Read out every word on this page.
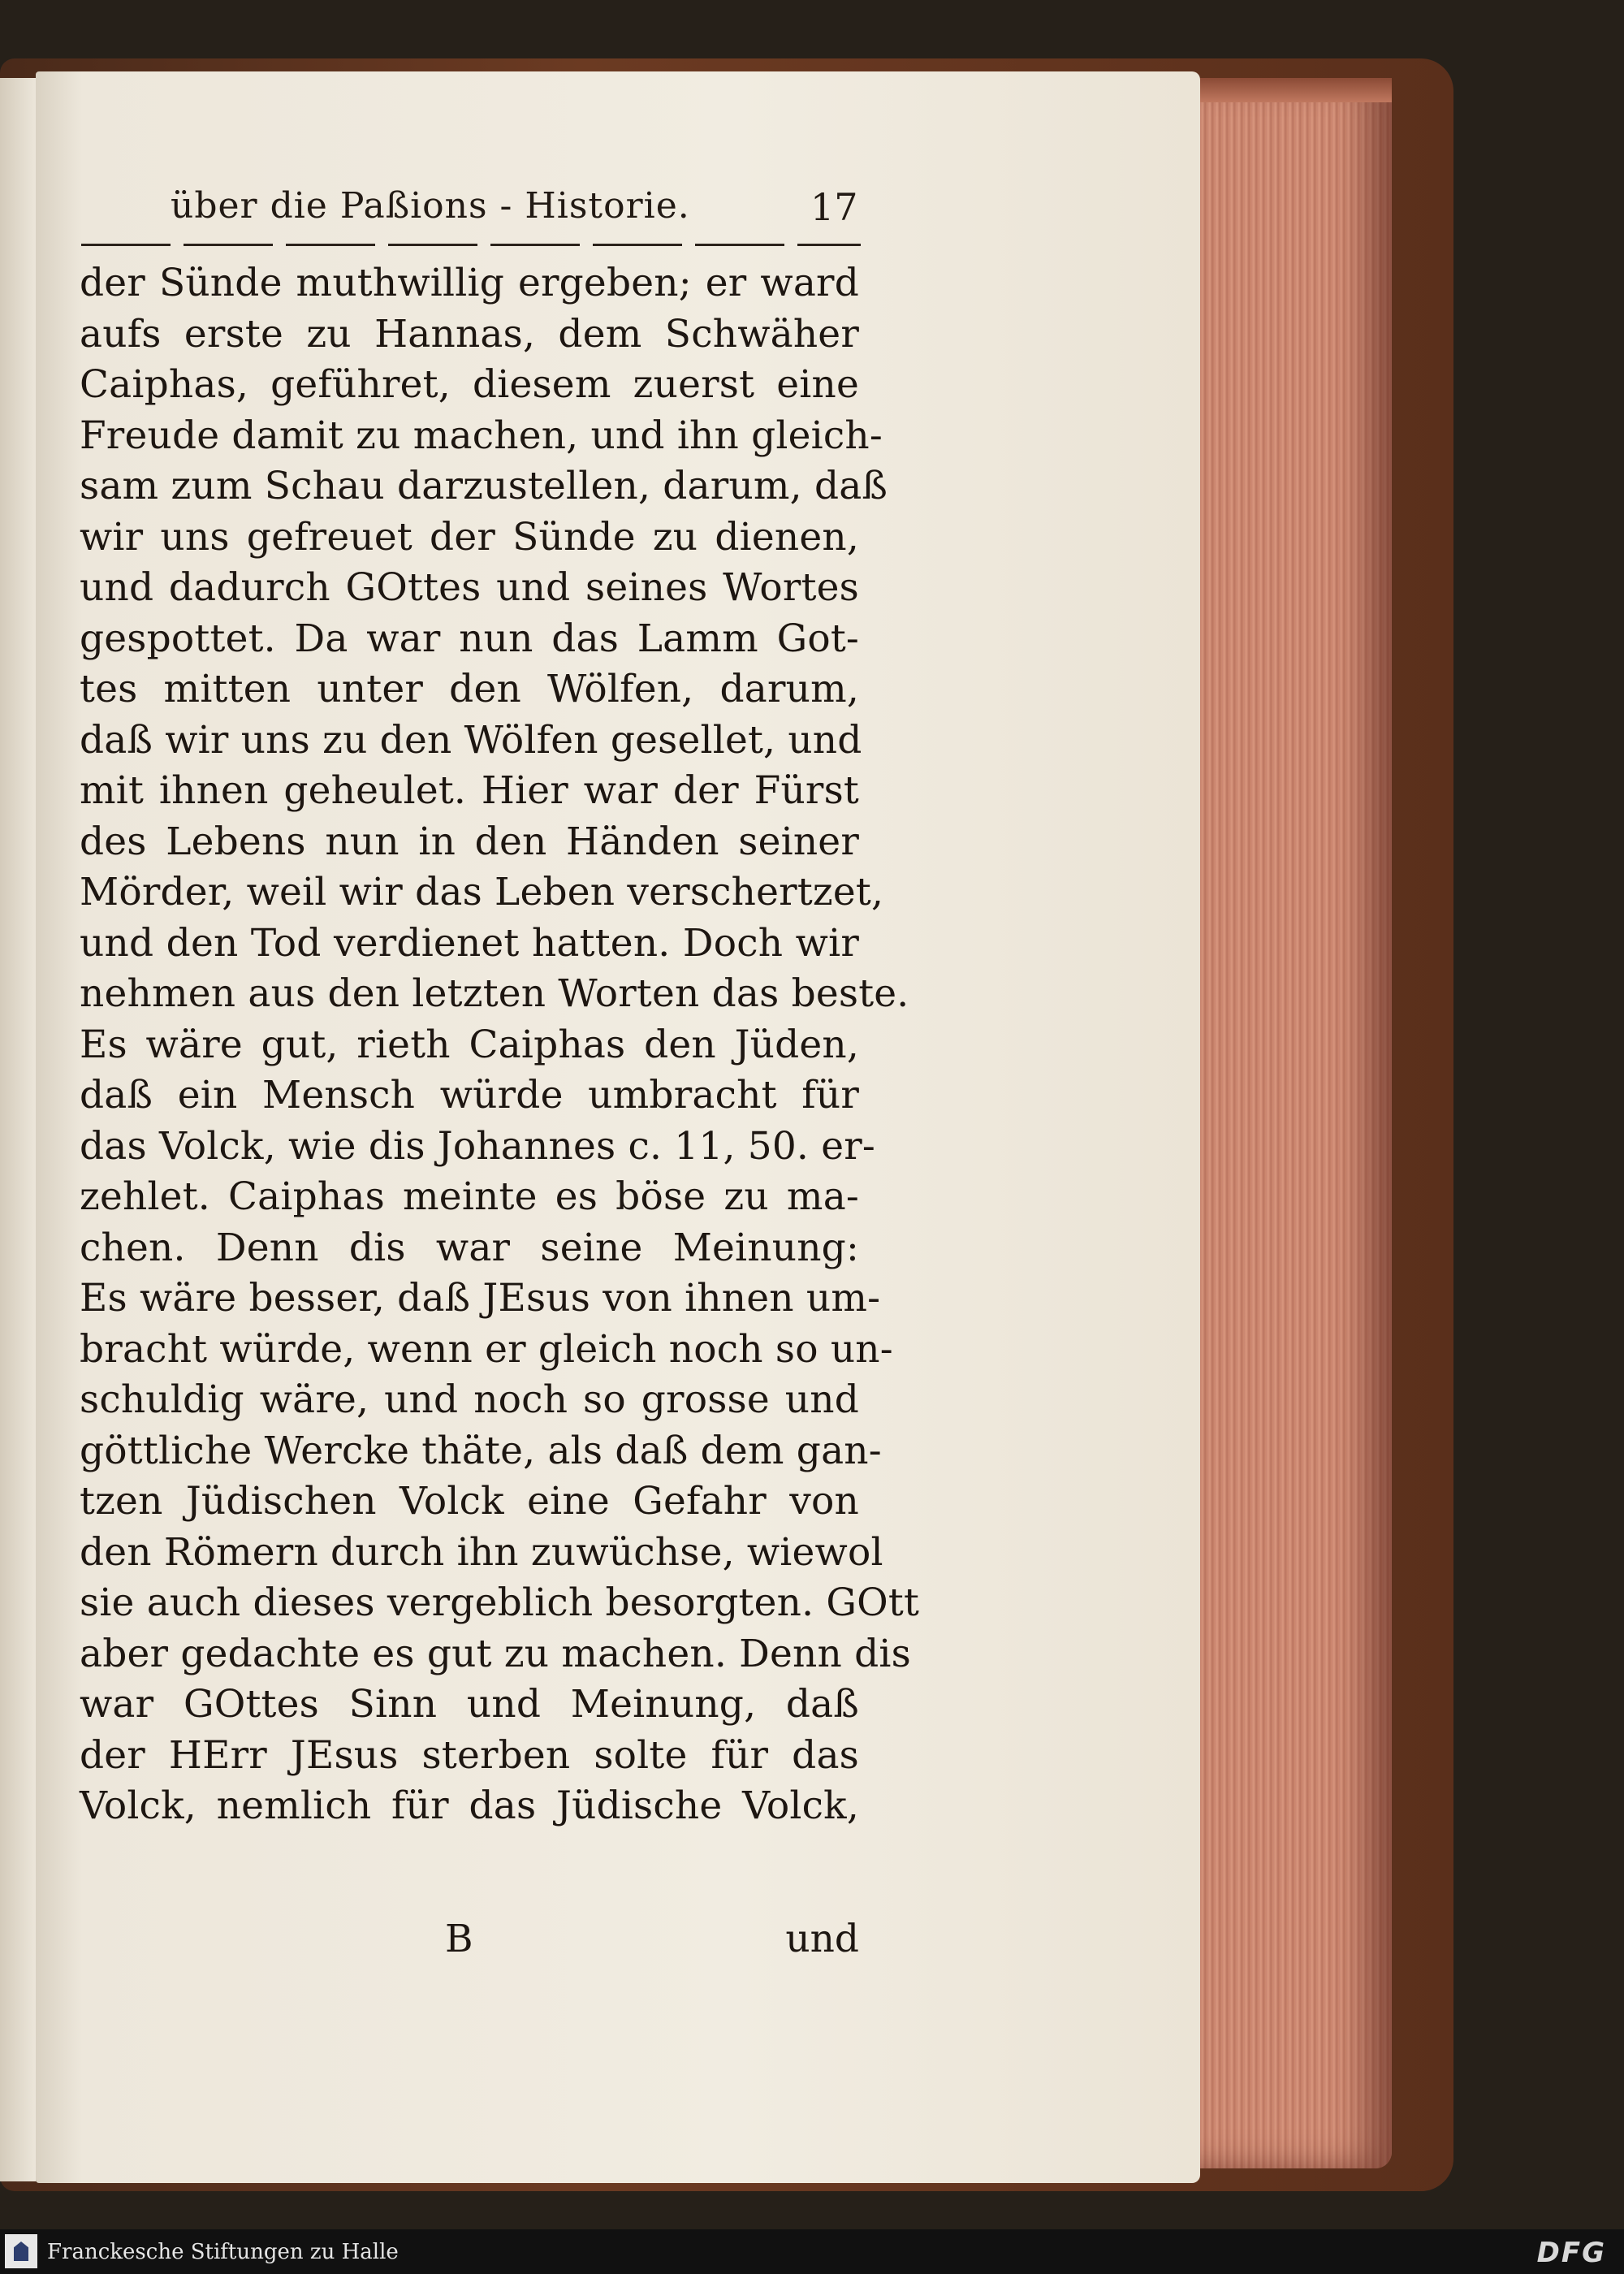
über die Paßions - Historie.	17
der Sünde muthwillig ergeben; er ward
aufs erste zu Hannas, dem Schwäher
Caiphas, geführet, diesem zuerst eine
Freude damit zu machen, und ihn gleich-
sam zum Schau darzustellen, darum, daß
wir uns gefreuet der Sünde zu dienen,
und dadurch GOttes und seines Wortes
gespottet. Da war nun das Lamm Got-
tes mitten unter den Wölfen, darum,
daß wir uns zu den Wölfen gesellet, und
mit ihnen geheulet. Hier war der Fürst
des Lebens nun in den Händen seiner
Mörder, weil wir das Leben verschertzet,
und den Tod verdienet hatten. Doch wir
nehmen aus den letzten Worten das beste.
Es wäre gut, rieth Caiphas den Jüden,
daß ein Mensch würde umbracht für
das Volck, wie dis Johannes c. 11, 50. er-
zehlet. Caiphas meinte es böse zu ma-
chen. Denn dis war seine Meinung:
Es wäre besser, daß JEsus von ihnen um-
bracht würde, wenn er gleich noch so un-
schuldig wäre, und noch so grosse und
göttliche Wercke thäte, als daß dem gan-
tzen Jüdischen Volck eine Gefahr von
den Römern durch ihn zuwüchse, wiewol
sie auch dieses vergeblich besorgten. GOtt
aber gedachte es gut zu machen. Denn dis
war GOttes Sinn und Meinung, daß
der HErr JEsus sterben solte für das
Volck, nemlich für das Jüdische Volck,
B	und
Franckesche Stiftungen zu Halle	DFG
